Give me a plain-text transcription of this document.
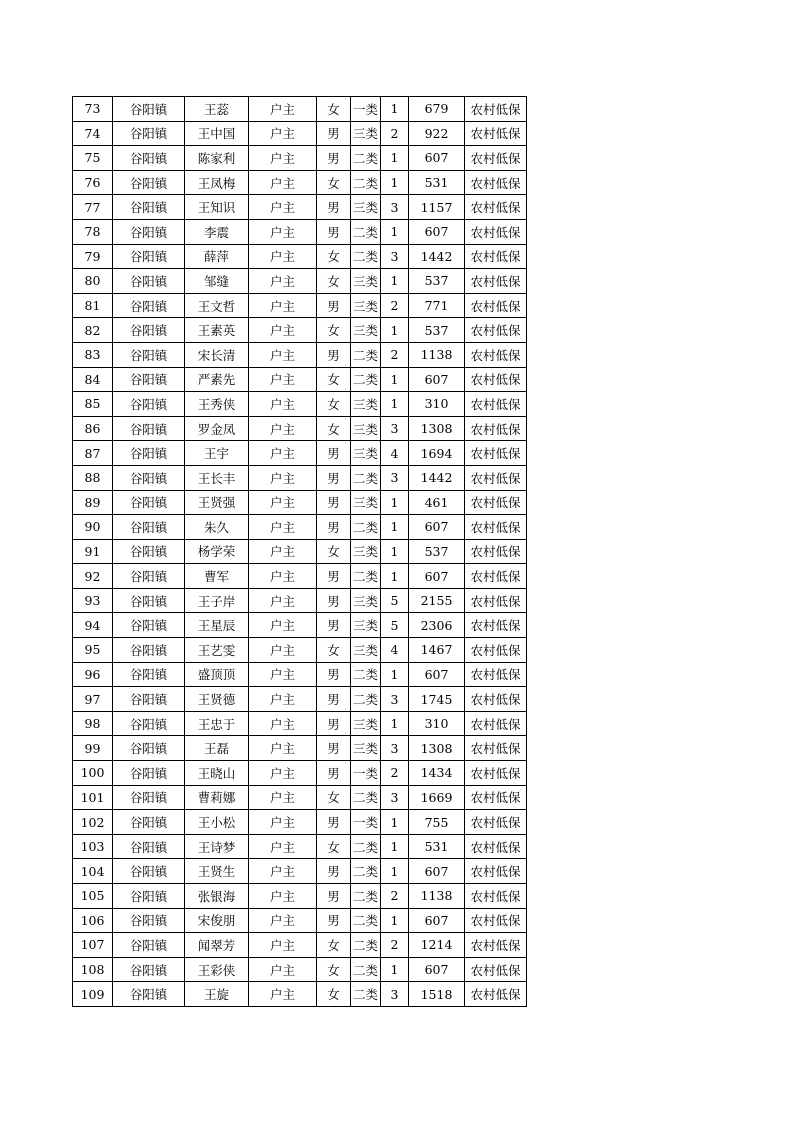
73	谷阳镇	王蕊	户主	女	一类	1	679	农村低保
74	谷阳镇	王中国	户主	男	三类	2	922	农村低保
75	谷阳镇	陈家利	户主	男	二类	1	607	农村低保
76	谷阳镇	王凤梅	户主	女	二类	1	531	农村低保
77	谷阳镇	王知识	户主	男	三类	3	1157	农村低保
78	谷阳镇	李震	户主	男	二类	1	607	农村低保
79	谷阳镇	薛萍	户主	女	二类	3	1442	农村低保
80	谷阳镇	邹缝	户主	女	三类	1	537	农村低保
81	谷阳镇	王文哲	户主	男	三类	2	771	农村低保
82	谷阳镇	王素英	户主	女	三类	1	537	农村低保
83	谷阳镇	宋长清	户主	男	二类	2	1138	农村低保
84	谷阳镇	严素先	户主	女	二类	1	607	农村低保
85	谷阳镇	王秀侠	户主	女	三类	1	310	农村低保
86	谷阳镇	罗金凤	户主	女	三类	3	1308	农村低保
87	谷阳镇	王宇	户主	男	三类	4	1694	农村低保
88	谷阳镇	王长丰	户主	男	二类	3	1442	农村低保
89	谷阳镇	王贤强	户主	男	三类	1	461	农村低保
90	谷阳镇	朱久	户主	男	二类	1	607	农村低保
91	谷阳镇	杨学荣	户主	女	三类	1	537	农村低保
92	谷阳镇	曹军	户主	男	二类	1	607	农村低保
93	谷阳镇	王子岸	户主	男	三类	5	2155	农村低保
94	谷阳镇	王星辰	户主	男	三类	5	2306	农村低保
95	谷阳镇	王艺雯	户主	女	三类	4	1467	农村低保
96	谷阳镇	盛顶顶	户主	男	二类	1	607	农村低保
97	谷阳镇	王贤德	户主	男	二类	3	1745	农村低保
98	谷阳镇	王忠于	户主	男	三类	1	310	农村低保
99	谷阳镇	王磊	户主	男	三类	3	1308	农村低保
100	谷阳镇	王晓山	户主	男	一类	2	1434	农村低保
101	谷阳镇	曹莉娜	户主	女	二类	3	1669	农村低保
102	谷阳镇	王小松	户主	男	一类	1	755	农村低保
103	谷阳镇	王诗梦	户主	女	二类	1	531	农村低保
104	谷阳镇	王贤生	户主	男	二类	1	607	农村低保
105	谷阳镇	张银海	户主	男	二类	2	1138	农村低保
106	谷阳镇	宋俊朋	户主	男	二类	1	607	农村低保
107	谷阳镇	闻翠芳	户主	女	二类	2	1214	农村低保
108	谷阳镇	王彩侠	户主	女	二类	1	607	农村低保
109	谷阳镇	王旋	户主	女	二类	3	1518	农村低保
